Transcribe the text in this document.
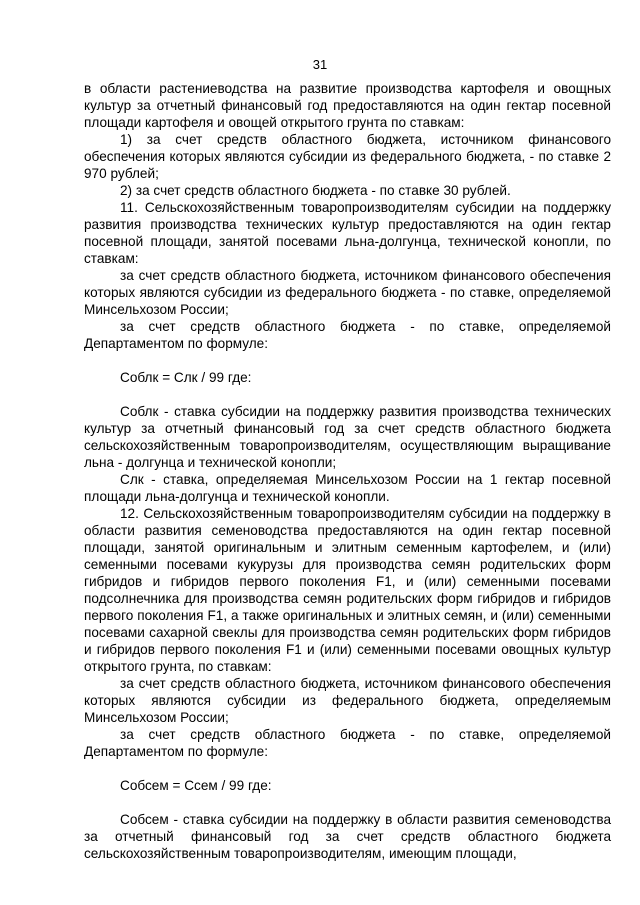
31

в области растениеводства на развитие производства картофеля и овощных культур за отчетный финансовый год предоставляются на один гектар посевной площади картофеля и овощей открытого грунта по ставкам:

1) за счет средств областного бюджета, источником финансового обеспечения которых являются субсидии из федерального бюджета, - по ставке 2 970 рублей;

2) за счет средств областного бюджета - по ставке 30 рублей.

11. Сельскохозяйственным товаропроизводителям субсидии на поддержку развития производства технических культур предоставляются на один гектар посевной площади, занятой посевами льна-долгунца, технической конопли, по ставкам:

за счет средств областного бюджета, источником финансового обеспечения которых являются субсидии из федерального бюджета - по ставке, определяемой Минсельхозом России;

за счет средств областного бюджета - по ставке, определяемой Департаментом по формуле:

Соблк = Слк / 99 где:

Соблк - ставка субсидии на поддержку развития производства технических культур за отчетный финансовый год за счет средств областного бюджета сельскохозяйственным товаропроизводителям, осуществляющим выращивание льна - долгунца и технической конопли;

Слк - ставка, определяемая Минсельхозом России на 1 гектар посевной площади льна-долгунца и технической конопли.

12. Сельскохозяйственным товаропроизводителям субсидии на поддержку в области развития семеноводства предоставляются на один гектар посевной площади, занятой оригинальным и элитным семенным картофелем, и (или) семенными посевами кукурузы для производства семян родительских форм гибридов и гибридов первого поколения F1, и (или) семенными посевами подсолнечника для производства семян родительских форм гибридов и гибридов первого поколения F1, а также оригинальных и элитных семян, и (или) семенными посевами сахарной свеклы для производства семян родительских форм гибридов и гибридов первого поколения F1 и (или) семенными посевами овощных культур открытого грунта, по ставкам:

за счет средств областного бюджета, источником финансового обеспечения которых являются субсидии из федерального бюджета, определяемым Минсельхозом России;

за счет средств областного бюджета - по ставке, определяемой Департаментом по формуле:

Собсем = Ссем / 99 где:

Собсем - ставка субсидии на поддержку в области развития семеноводства за отчетный финансовый год за счет средств областного бюджета сельскохозяйственным товаропроизводителям, имеющим площади,
